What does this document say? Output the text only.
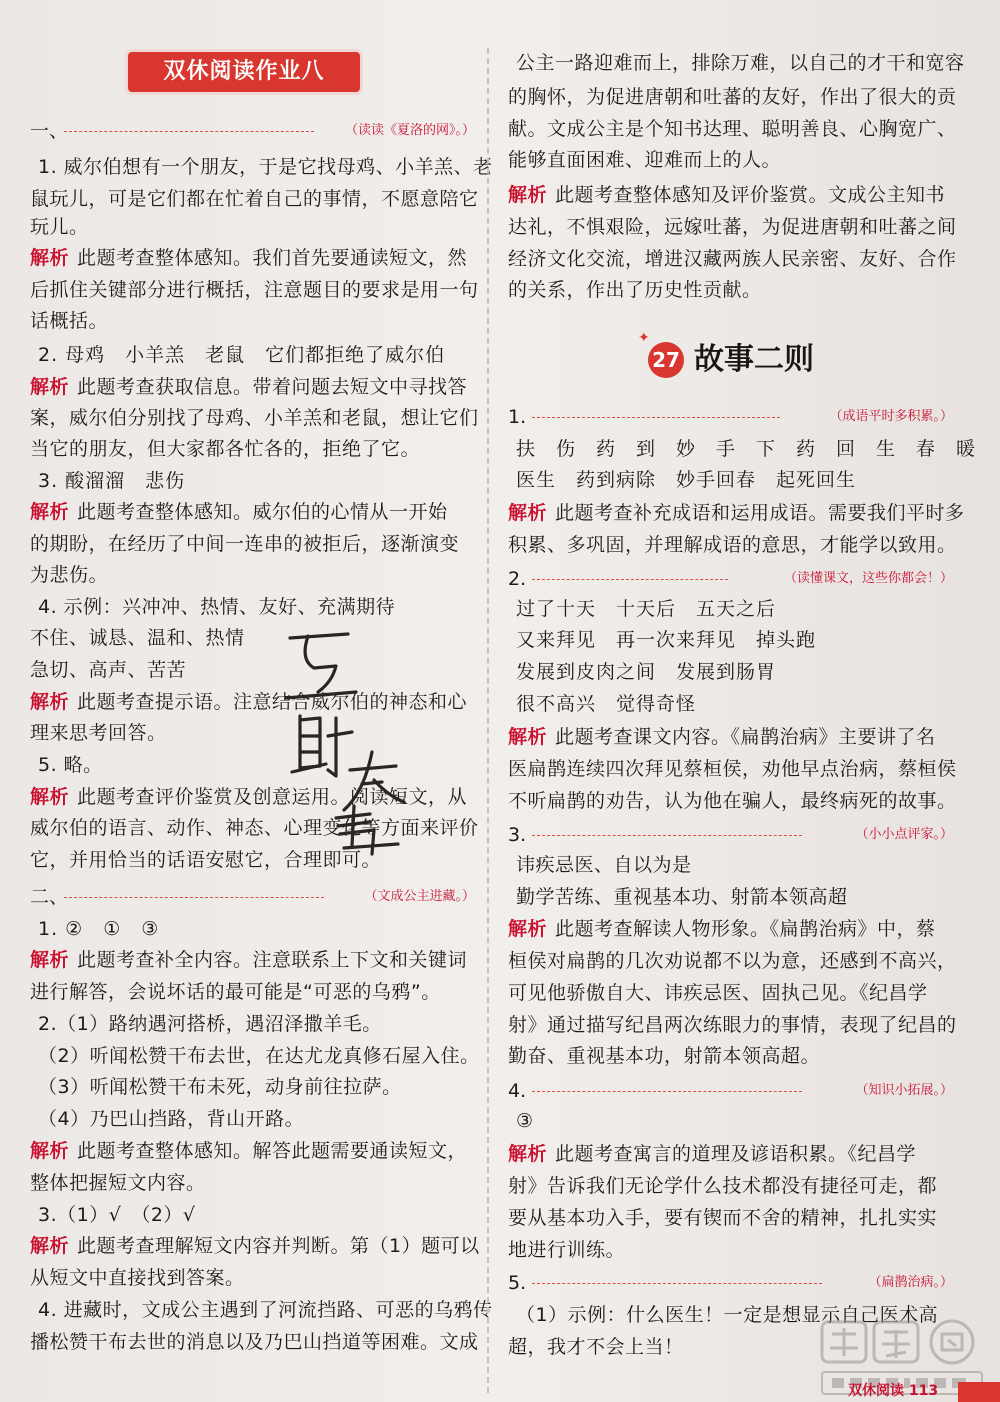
双休阅读作业八
一、	（读读《夏洛的网》。）
1. 威尔伯想有一个朋友，于是它找母鸡、小羊羔、老
鼠玩儿，可是它们都在忙着自己的事情，不愿意陪它
玩儿。
解析 此题考查整体感知。我们首先要通读短文，然
后抓住关键部分进行概括，注意题目的要求是用一句
话概括。
2. 母鸡　小羊羔　老鼠　它们都拒绝了威尔伯
解析 此题考查获取信息。带着问题去短文中寻找答
案，威尔伯分别找了母鸡、小羊羔和老鼠，想让它们
当它的朋友，但大家都各忙各的，拒绝了它。
3. 酸溜溜　悲伤
解析 此题考查整体感知。威尔伯的心情从一开始
的期盼，在经历了中间一连串的被拒后，逐渐演变
为悲伤。
4. 示例：兴冲冲、热情、友好、充满期待
不住、诚恳、温和、热情
急切、高声、苦苦
解析 此题考查提示语。注意结合威尔伯的神态和心
理来思考回答。
5. 略。
解析 此题考查评价鉴赏及创意运用。阅读短文，从
威尔伯的语言、动作、神态、心理变化等方面来评价
它，并用恰当的话语安慰它，合理即可。
二、	（文成公主进藏。）
1. ②　①　③
解析 此题考查补全内容。注意联系上下文和关键词
进行解答，会说坏话的最可能是“可恶的乌鸦”。
2.（1）路纳遇河搭桥，遇沼泽撒羊毛。
（2）听闻松赞干布去世，在达尤龙真修石屋入住。
（3）听闻松赞干布未死，动身前往拉萨。
（4）乃巴山挡路，背山开路。
解析 此题考查整体感知。解答此题需要通读短文，
整体把握短文内容。
3.（1）√　（2）√
解析 此题考查理解短文内容并判断。第（1）题可以
从短文中直接找到答案。
4. 进藏时，文成公主遇到了河流挡路、可恶的乌鸦传
播松赞干布去世的消息以及乃巴山挡道等困难。文成
公主一路迎难而上，排除万难，以自己的才干和宽容
的胸怀，为促进唐朝和吐蕃的友好，作出了很大的贡
献。文成公主是个知书达理、聪明善良、心胸宽广、
能够直面困难、迎难而上的人。
解析 此题考查整体感知及评价鉴赏。文成公主知书
达礼，不惧艰险，远嫁吐蕃，为促进唐朝和吐蕃之间
经济文化交流，增进汉藏两族人民亲密、友好、合作
的关系，作出了历史性贡献。
1.	（成语平时多积累。）
扶　伤　药　到　妙　手　下　药　回　生　春　暖
医生　药到病除　妙手回春　起死回生
解析 此题考查补充成语和运用成语。需要我们平时多
积累、多巩固，并理解成语的意思，才能学以致用。
2.	（读懂课文，这些你都会！）
过了十天　十天后　五天之后
又来拜见　再一次来拜见　掉头跑
发展到皮肉之间　发展到肠胃
很不高兴　觉得奇怪
解析 此题考查课文内容。《扁鹊治病》主要讲了名
医扁鹊连续四次拜见蔡桓侯，劝他早点治病，蔡桓侯
不听扁鹊的劝告，认为他在骗人，最终病死的故事。
3.	（小小点评家。）
讳疾忌医、自以为是
勤学苦练、重视基本功、射箭本领高超
解析 此题考查解读人物形象。《扁鹊治病》中，蔡
桓侯对扁鹊的几次劝说都不以为意，还感到不高兴，
可见他骄傲自大、讳疾忌医、固执己见。《纪昌学
射》通过描写纪昌两次练眼力的事情，表现了纪昌的
勤奋、重视基本功，射箭本领高超。
4.	（知识小拓展。）
③
解析 此题考查寓言的道理及谚语积累。《纪昌学
射》告诉我们无论学什么技术都没有捷径可走，都
要从基本功入手，要有锲而不舍的精神，扎扎实实
地进行训练。
5.	（扁鹊治病。）
（1）示例：什么医生！一定是想显示自己医术高
超，我才不会上当！
✦
27 故事二则
双休阅读 113
